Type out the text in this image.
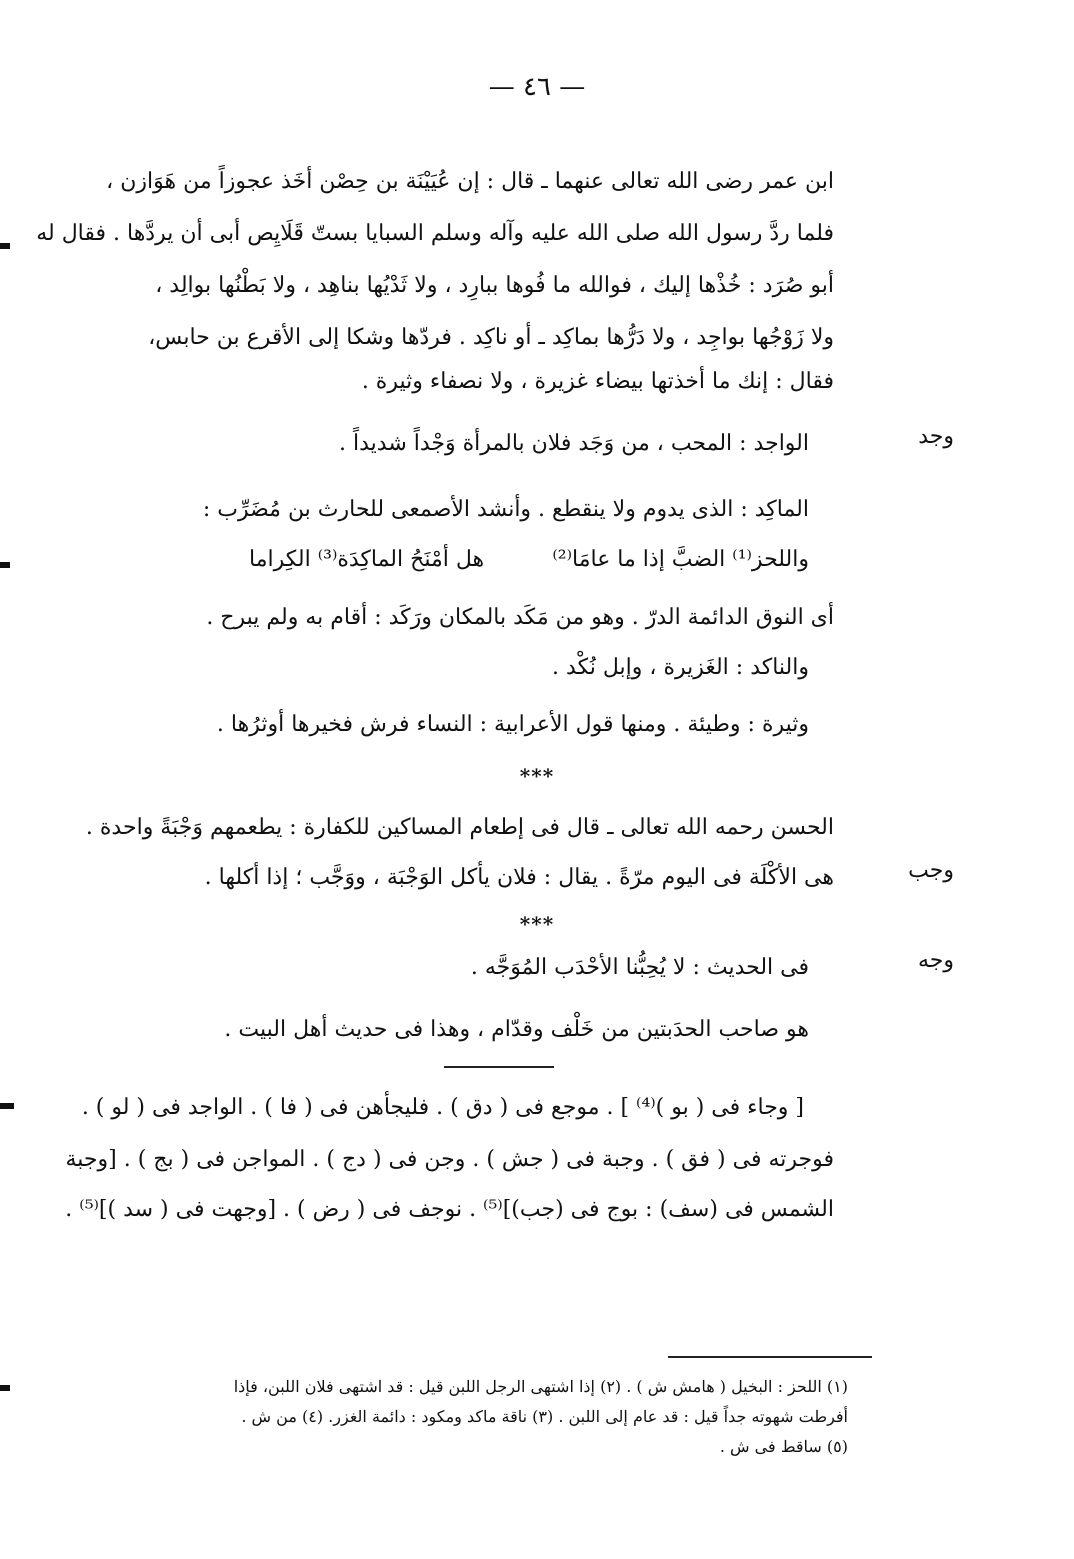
— ٤٦ —
ابن عمر رضى الله تعالى عنهما ـ قال : إن عُيَيْنَة بن حِصْن أخَذ عجوزاً من هَوَازن ،
فلما ردَّ رسول الله صلى الله عليه وآله وسلم السبايا بستّ قَلَايِص أبى أن يردَّها . فقال له
أبو صُرَد : خُذْها إليك ، فوالله ما فُوها ببارِد ، ولا ثَدْيُها بناهِد ، ولا بَطْنُها بوالِد ،
ولا زَوْجُها بواجِد ، ولا دَرُّها بماكِد ـ أو ناكِد . فردّها وشكا إلى الأقرع بن حابس،
فقال : إنك ما أخذتها بيضاء غزيرة ، ولا نصفاء وثيرة .
وجد
الواجد : المحب ، من وَجَد فلان بالمرأة وَجْداً شديداً .
الماكِد : الذى يدوم ولا ينقطع . وأنشد الأصمعى للحارث بن مُضَرِّب :
واللحز⁽¹⁾ الضبَّ إذا ما عامَا⁽²⁾
هل أمْنَحُ الماكِدَة⁽³⁾ الكِراما
أى النوق الدائمة الدرّ . وهو من مَكَد بالمكان ورَكَد : أقام به ولم يبرح .
والناكد : الغَزيرة ، وإبل نُكْد .
وثيرة : وطيئة . ومنها قول الأعرابية : النساء فرش فخيرها أوثرُها .
***
وجب
الحسن رحمه الله تعالى ـ قال فى إطعام المساكين للكفارة : يطعمهم وَجْبَةً واحدة .
هى الأكْلَة فى اليوم مرّةً . يقال : فلان يأكل الوَجْبَة ، ووَجَّب ؛ إذا أكلها .
***
وجه
فى الحديث : لا يُحِبُّنا الأحْدَب المُوَجَّه .
هو صاحب الحدَبتين من خَلْف وقدّام ، وهذا فى حديث أهل البيت .
[ وجاء فى ( بو )⁽⁴⁾ ] . موجع فى ( دق ) . فليجأهن فى ( فا ) . الواجد فى ( لو ) .
فوجرته فى ( فق ) . وجبة فى ( جش ) . وجن فى ( دج ) . المواجن فى ( بج ) . [وجبة
الشمس فى (سف) : بوج فى (جب)]⁽⁵⁾ . نوجف فى ( رض ) . [وجهت فى ( سد )]⁽⁵⁾ .
(١) اللحز : البخيل ( هامش ش ) . (٢) إذا اشتهى الرجل اللبن قيل : قد اشتهى فلان اللبن، فإذا
أفرطت شهوته جداً قيل : قد عام إلى اللبن . (٣) ناقة ماكد ومكود : دائمة الغزر. (٤) من ش .
(٥) ساقط فى ش .
